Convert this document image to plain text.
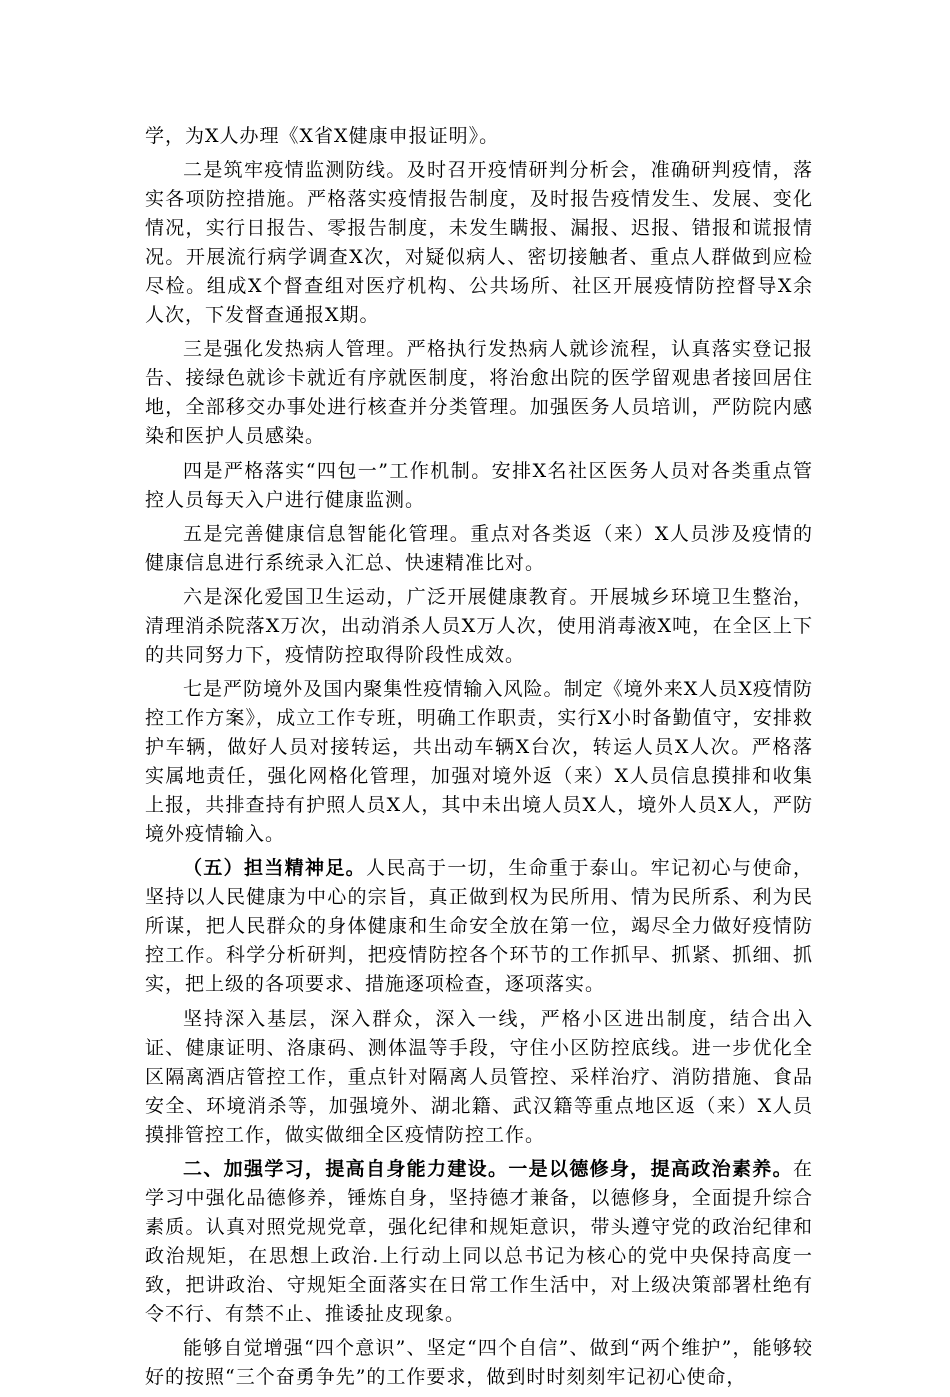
学，为X人办理《X省X健康申报证明》。

二是筑牢疫情监测防线。及时召开疫情研判分析会，准确研判疫情，落实各项防控措施。严格落实疫情报告制度，及时报告疫情发生、发展、变化情况，实行日报告、零报告制度，未发生瞒报、漏报、迟报、错报和谎报情况。开展流行病学调查X次，对疑似病人、密切接触者、重点人群做到应检尽检。组成X个督查组对医疗机构、公共场所、社区开展疫情防控督导X余人次，下发督查通报X期。

三是强化发热病人管理。严格执行发热病人就诊流程，认真落实登记报告、接绿色就诊卡就近有序就医制度，将治愈出院的医学留观患者接回居住地，全部移交办事处进行核查并分类管理。加强医务人员培训，严防院内感染和医护人员感染。

四是严格落实“四包一”工作机制。安排X名社区医务人员对各类重点管控人员每天入户进行健康监测。

五是完善健康信息智能化管理。重点对各类返（来）X人员涉及疫情的健康信息进行系统录入汇总、快速精准比对。

六是深化爱国卫生运动，广泛开展健康教育。开展城乡环境卫生整治，清理消杀院落X万次，出动消杀人员X万人次，使用消毒液X吨，在全区上下的共同努力下，疫情防控取得阶段性成效。

七是严防境外及国内聚集性疫情输入风险。制定《境外来X人员X疫情防控工作方案》，成立工作专班，明确工作职责，实行X小时备勤值守，安排救护车辆，做好人员对接转运，共出动车辆X台次，转运人员X人次。严格落实属地责任，强化网格化管理，加强对境外返（来）X人员信息摸排和收集上报，共排查持有护照人员X人，其中未出境人员X人，境外人员X人，严防境外疫情输入。

（五）担当精神足。人民高于一切，生命重于泰山。牢记初心与使命，坚持以人民健康为中心的宗旨，真正做到权为民所用、情为民所系、利为民所谋，把人民群众的身体健康和生命安全放在第一位，竭尽全力做好疫情防控工作。科学分析研判，把疫情防控各个环节的工作抓早、抓紧、抓细、抓实，把上级的各项要求、措施逐项检查，逐项落实。

坚持深入基层，深入群众，深入一线，严格小区进出制度，结合出入证、健康证明、洛康码、测体温等手段，守住小区防控底线。进一步优化全区隔离酒店管控工作，重点针对隔离人员管控、采样治疗、消防措施、食品安全、环境消杀等，加强境外、湖北籍、武汉籍等重点地区返（来）X人员摸排管控工作，做实做细全区疫情防控工作。

二、加强学习，提高自身能力建设。一是以德修身，提高政治素养。在学习中强化品德修养，锤炼自身，坚持德才兼备，以德修身，全面提升综合素质。认真对照党规党章，强化纪律和规矩意识，带头遵守党的政治纪律和政治规矩，在思想上政治.上行动上同以总书记为核心的党中央保持高度一致，把讲政治、守规矩全面落实在日常工作生活中，对上级决策部署杜绝有令不行、有禁不止、推诿扯皮现象。

能够自觉增强“四个意识”、坚定“四个自信”、做到“两个维护”，能够较好的按照“三个奋勇争先”的工作要求，做到时时刻刻牢记初心使命，
